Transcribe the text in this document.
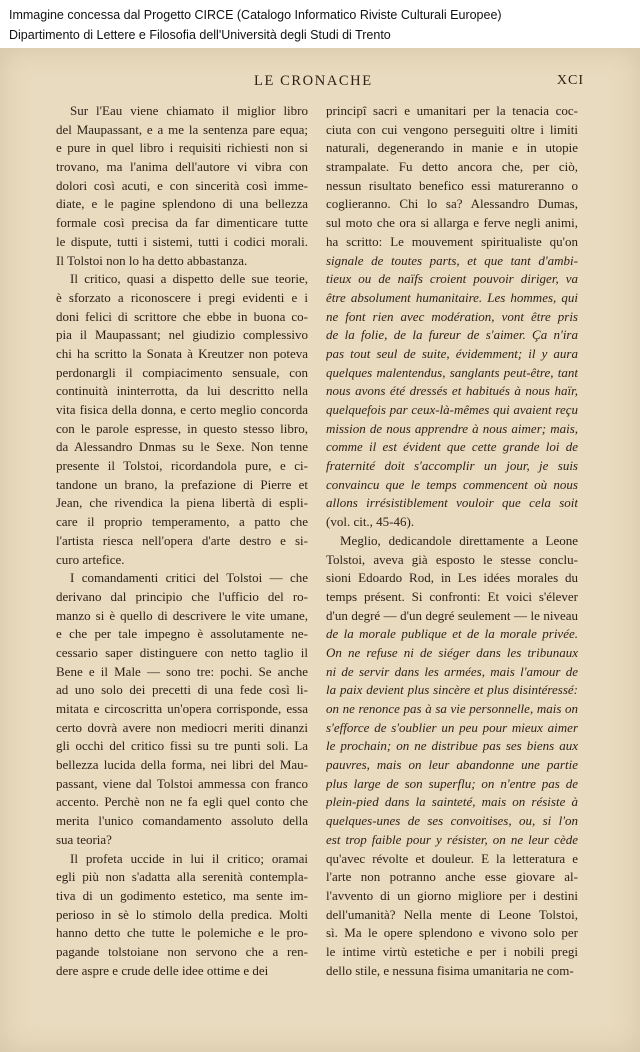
Immagine concessa dal Progetto CIRCE (Catalogo Informatico Riviste Culturali Europee)
Dipartimento di Lettere e Filosofia dell'Università degli Studi di Trento
LE CRONACHE	XCI
Sur l'Eau viene chiamato il miglior libro
del Maupassant, e a me la sentenza pare equa;
e pure in quel libro i requisiti richiesti non si
trovano, ma l'anima dell'autore vi vibra con
dolori così acuti, e con sincerità così imme-
diate, e le pagine splendono di una bellezza
formale così precisa da far dimenticare tutte
le dispute, tutti i sistemi, tutti i codici morali.
Il Tolstoi non lo ha detto abbastanza.
Il critico, quasi a dispetto delle sue teorie,
è sforzato a riconoscere i pregi evidenti e i
doni felici di scrittore che ebbe in buona co-
pia il Maupassant; nel giudizio complessivo
chi ha scritto la Sonata à Kreutzer non poteva
perdonargli il compiacimento sensuale, con
continuità ininterrotta, da lui descritto nella
vita fisica della donna, e certo meglio concorda
con le parole espresse, in questo stesso libro,
da Alessandro Dnmas su le Sexe. Non tenne
presente il Tolstoi, ricordandola pure, e ci-
tandone un brano, la prefazione di Pierre et
Jean, che rivendica la piena libertà di espli-
care il proprio temperamento, a patto che
l'artista riesca nell'opera d'arte destro e si-
curo artefice.
I comandamenti critici del Tolstoi — che
derivano dal principio che l'ufficio del ro-
manzo si è quello di descrivere le vite umane,
e che per tale impegno è assolutamente ne-
cessario saper distinguere con netto taglio il
Bene e il Male — sono tre: pochi. Se anche
ad uno solo dei precetti di una fede così li-
mitata e circoscritta un'opera corrisponde, essa
certo dovrà avere non mediocri meriti dinanzi
gli occhi del critico fissi su tre punti soli. La
bellezza lucida della forma, nei libri del Mau-
passant, viene dal Tolstoi ammessa con franco
accento. Perchè non ne fa egli quel conto che
merita l'unico comandamento assoluto della
sua teoria?
Il profeta uccide in lui il critico; oramai
egli più non s'adatta alla serenità contempla-
tiva di un godimento estetico, ma sente im-
perioso in sè lo stimolo della predica. Molti
hanno detto che tutte le polemiche e le pro-
pagande tolstoiane non servono che a ren-
dere aspre e crude delle idee ottime e dei
principî sacri e umanitari per la tenacia coc-
ciuta con cui vengono perseguiti oltre i limiti
naturali, degenerando in manie e in utopie
strampalate. Fu detto ancora che, per ciò,
nessun risultato benefico essi matureranno o
coglieranno. Chi lo sa? Alessandro Dumas,
sul moto che ora si allarga e ferve negli animi,
ha scritto: Le mouvement spiritualiste qu'on
signale de toutes parts, et que tant d'ambi-
tieux ou de naïfs croient pouvoir diriger, va
être absolument humanitaire. Les hommes, qui
ne font rien avec modération, vont être pris
de la folie, de la fureur de s'aimer. Ça n'ira
pas tout seul de suite, évidemment; il y aura
quelques malentendus, sanglants peut-être, tant
nous avons été dressés et habitués à nous haïr,
quelquefois par ceux-là-mêmes qui avaient reçu
mission de nous apprendre à nous aimer; mais,
comme il est évident que cette grande loi de
fraternité doit s'accomplir un jour, je suis
convaincu que le temps commencent où nous
allons irrésistiblement vouloir que cela soit
(vol. cit., 45-46).
Meglio, dedicandole direttamente a Leone
Tolstoi, aveva già esposto le stesse conclu-
sioni Edoardo Rod, in Les idées morales du
temps présent. Si confronti: Et voici s'élever
d'un degré — d'un degré seulement — le niveau
de la morale publique et de la morale privée.
On ne refuse ni de siéger dans les tribunaux
ni de servir dans les armées, mais l'amour de
la paix devient plus sincère et plus disintéressé:
on ne renonce pas à sa vie personnelle, mais on
s'efforce de s'oublier un peu pour mieux aimer
le prochain; on ne distribue pas ses biens aux
pauvres, mais on leur abandonne une partie
plus large de son superflu; on n'entre pas de
plein-pied dans la sainteté, mais on résiste à
quelques-unes de ses convoitises, ou, si l'on
est trop faible pour y résister, on ne leur cède
qu'avec révolte et douleur. E la letteratura e
l'arte non potranno anche esse giovare al-
l'avvento di un giorno migliore per i destini
dell'umanità? Nella mente di Leone Tolstoi,
sì. Ma le opere splendono e vivono solo per
le intime virtù estetiche e per i nobili pregi
dello stile, e nessuna fisima umanitaria ne com-
